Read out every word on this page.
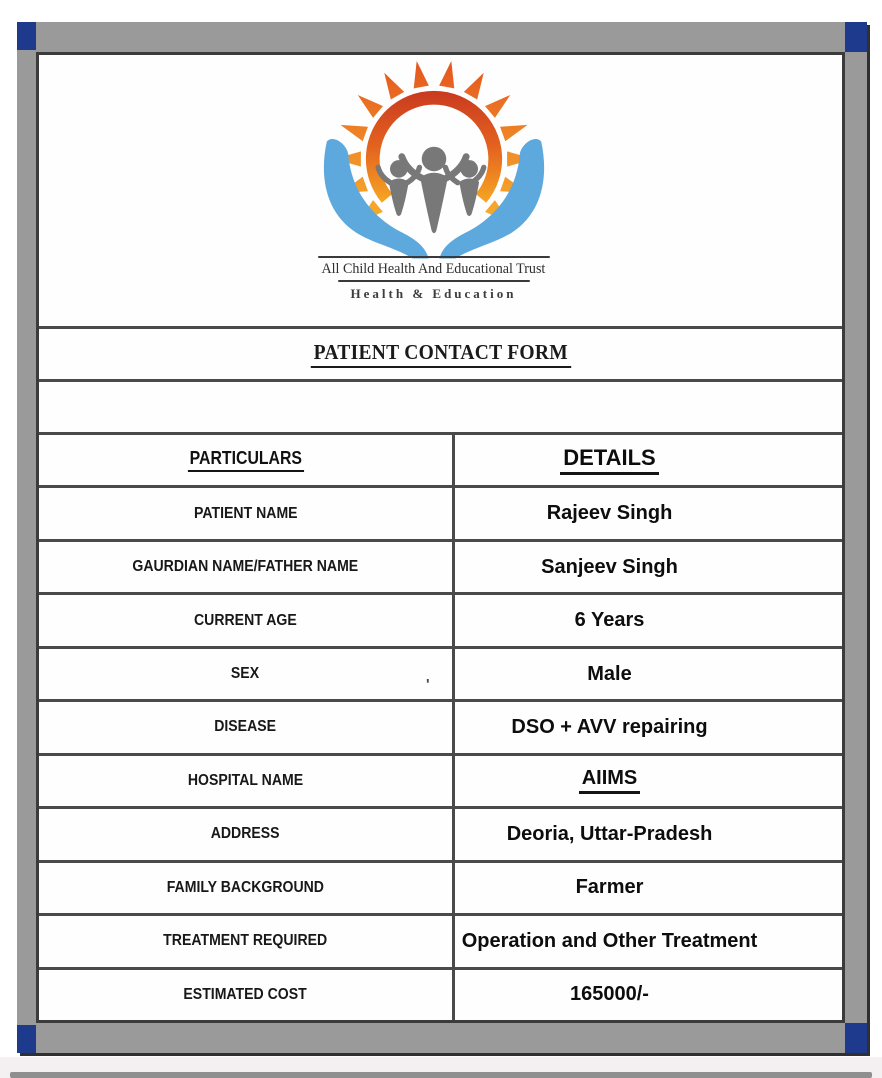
All Child Health And Educational Trust
Health & Education
PATIENT CONTACT FORM
PARTICULARS	DETAILS
PATIENT NAME	Rajeev Singh
GAURDIAN NAME/FATHER NAME	Sanjeev Singh
CURRENT AGE	6 Years
SEX	Male
DISEASE	DSO + AVV repairing
HOSPITAL NAME	AIIMS
ADDRESS	Deoria, Uttar-Pradesh
FAMILY BACKGROUND	Farmer
TREATMENT REQUIRED	Operation and Other Treatment
ESTIMATED COST	165000/-
'
